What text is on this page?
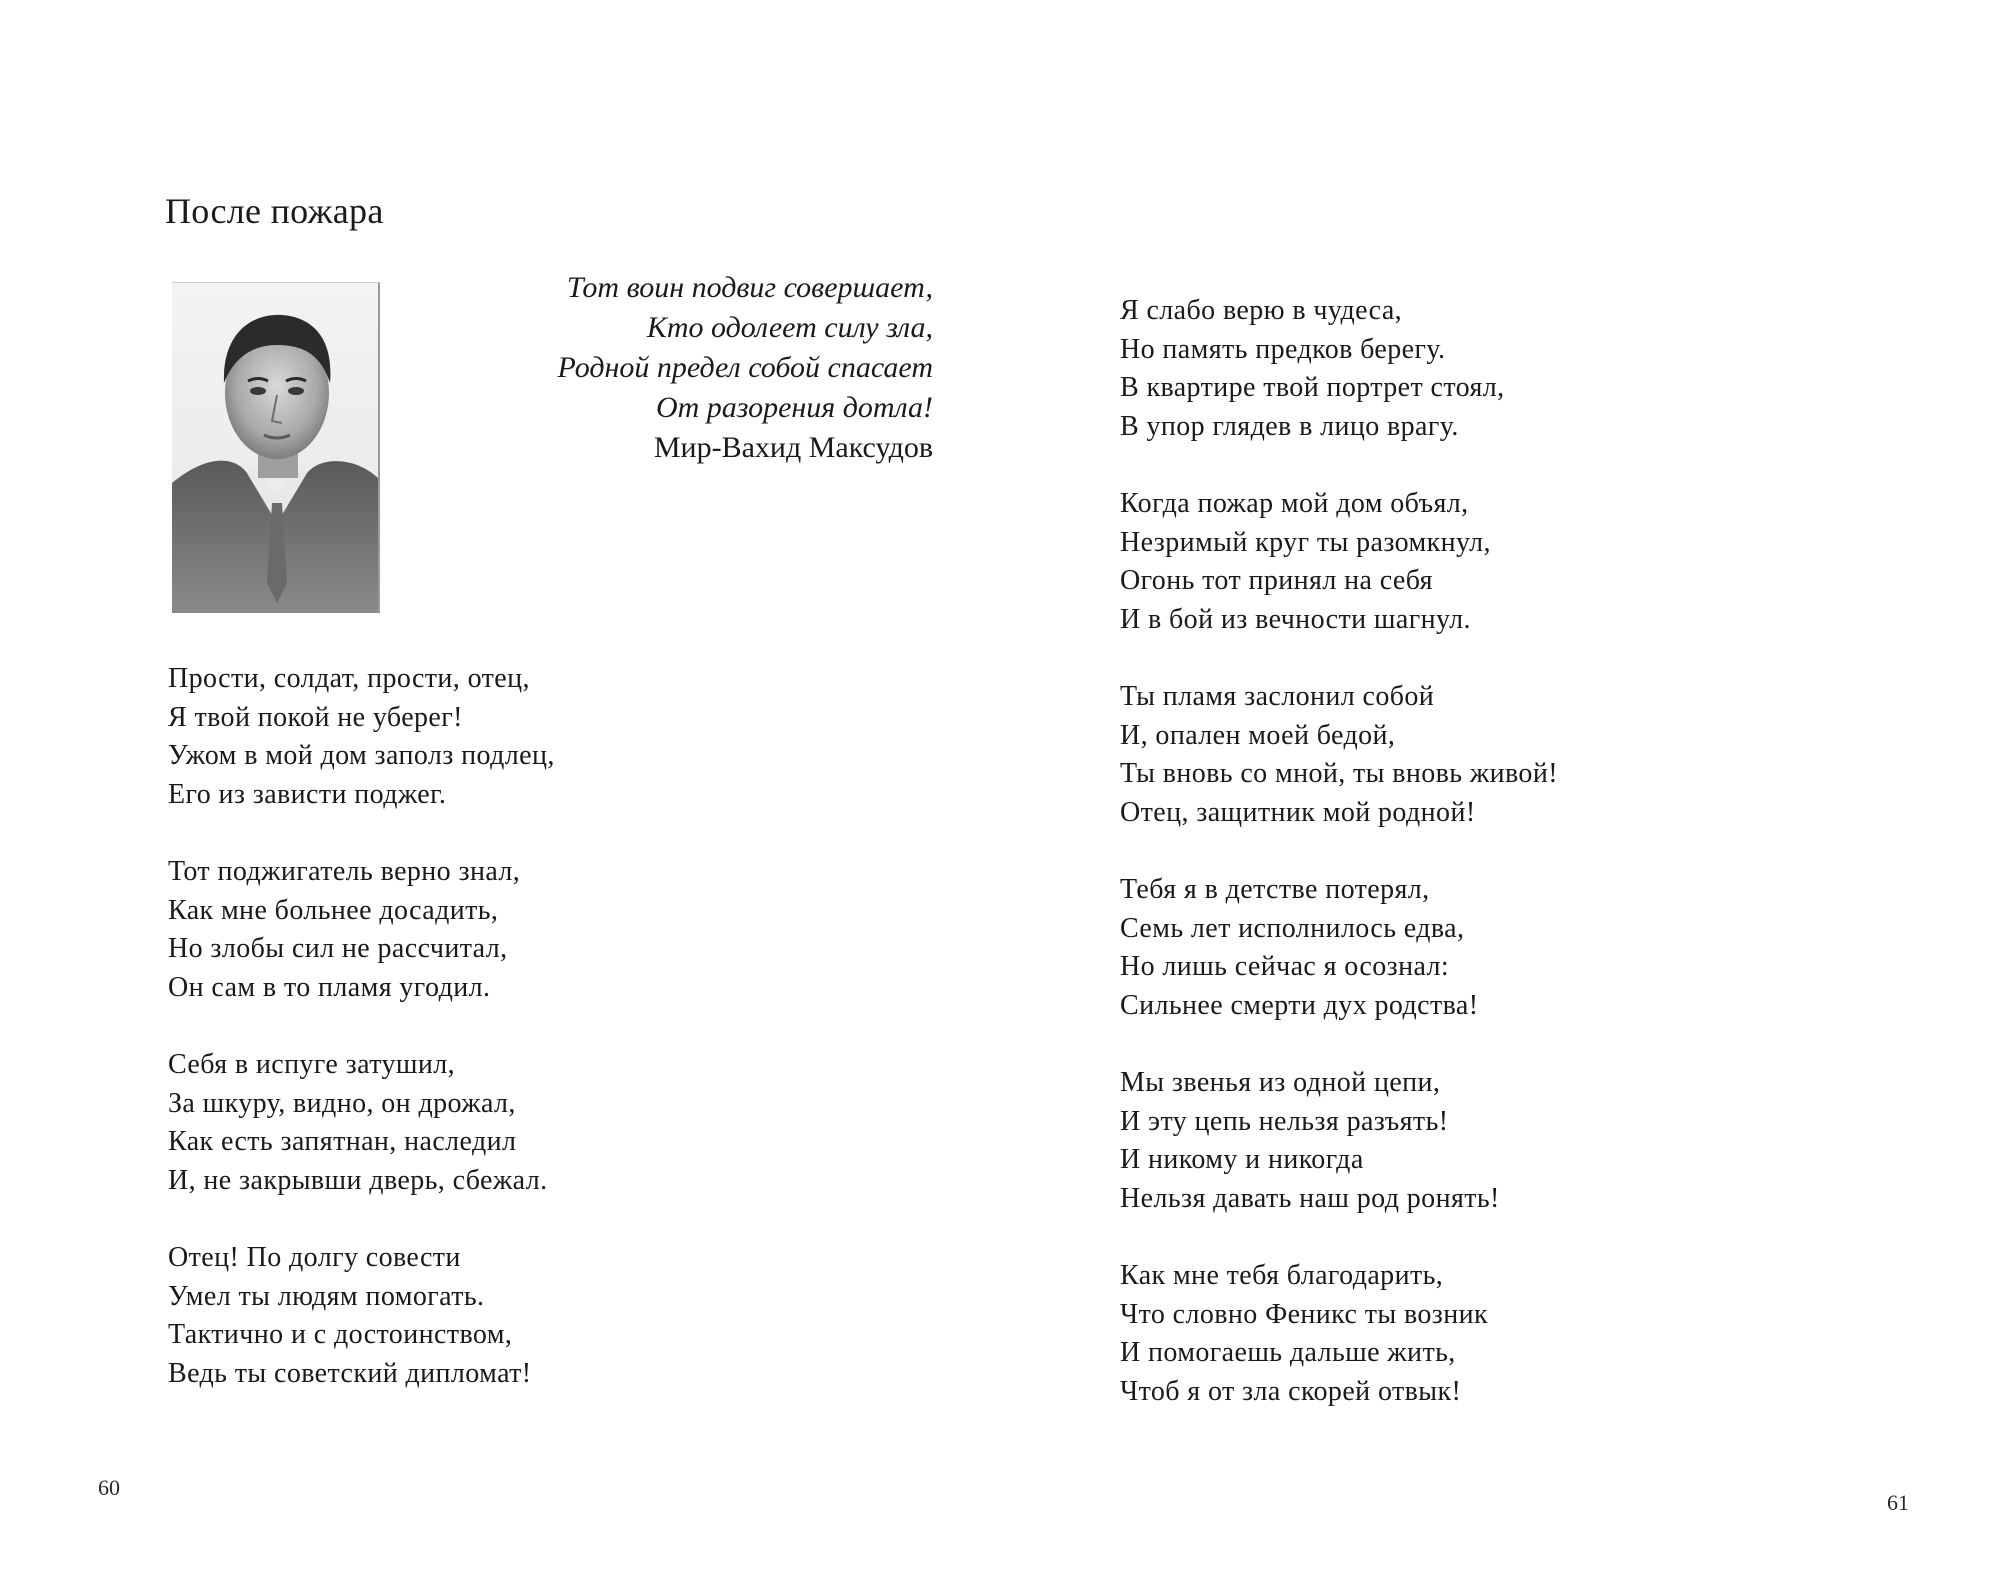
После пожара
Тот воин подвиг совершает,
Кто одолеет силу зла,
Родной предел собой спасает
От разорения дотла!
Мир-Вахид Максудов
Прости, солдат, прости, отец,
Я твой покой не уберег!
Ужом в мой дом заполз подлец,
Его из зависти поджег.
Тот поджигатель верно знал,
Как мне больнее досадить,
Но злобы сил не рассчитал,
Он сам в то пламя угодил.
Себя в испуге затушил,
За шкуру, видно, он дрожал,
Как есть запятнан, наследил
И, не закрывши дверь, сбежал.
Отец! По долгу совести
Умел ты людям помогать.
Тактично и с достоинством,
Ведь ты советский дипломат!
60
Я слабо верю в чудеса,
Но память предков берегу.
В квартире твой портрет стоял,
В упор глядев в лицо врагу.
Когда пожар мой дом объял,
Незримый круг ты разомкнул,
Огонь тот принял на себя
И в бой из вечности шагнул.
Ты пламя заслонил собой
И, опален моей бедой,
Ты вновь со мной, ты вновь живой!
Отец, защитник мой родной!
Тебя я в детстве потерял,
Семь лет исполнилось едва,
Но лишь сейчас я осознал:
Сильнее смерти дух родства!
Мы звенья из одной цепи,
И эту цепь нельзя разъять!
И никому и никогда
Нельзя давать наш род ронять!
Как мне тебя благодарить,
Что словно Феникс ты возник
И помогаешь дальше жить,
Чтоб я от зла скорей отвык!
61
